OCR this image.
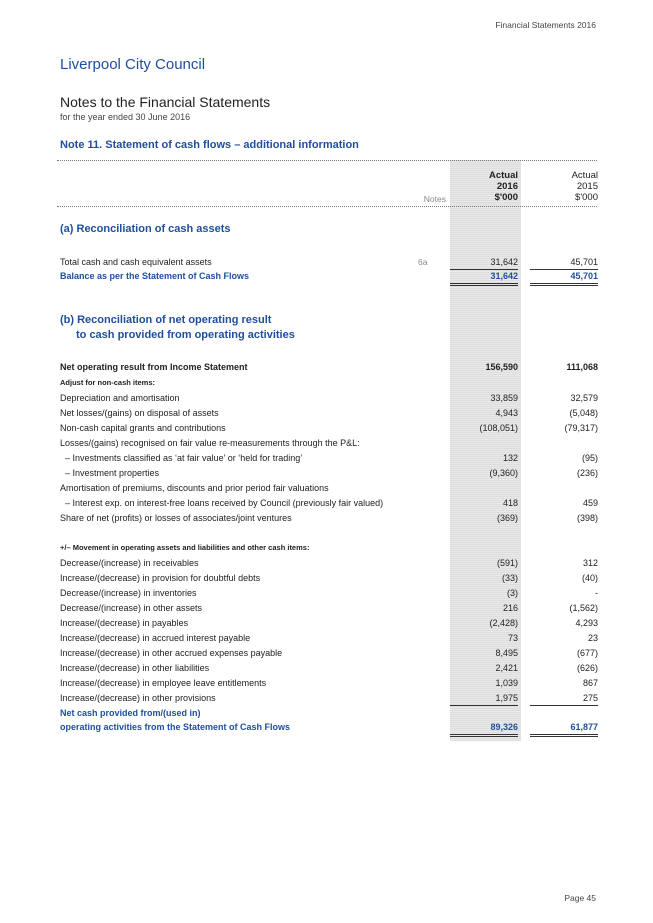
Financial Statements 2016
Liverpool City Council
Notes to the Financial Statements
for the year ended 30 June 2016
Note 11. Statement of cash flows – additional information
Actual
2016
$'000
Actual
2015
$'000
Notes
(a) Reconciliation of cash assets
Total cash and cash equivalent assets	6a	31,642	45,701
Balance as per the Statement of Cash Flows	31,642	45,701
(b) Reconciliation of net operating result
to cash provided from operating activities
Net operating result from Income Statement	156,590	111,068
Adjust for non-cash items:
Depreciation and amortisation	33,859	32,579
Net losses/(gains) on disposal of assets	4,943	(5,048)
Non-cash capital grants and contributions	(108,051)	(79,317)
Losses/(gains) recognised on fair value re-measurements through the P&L:
– Investments classified as ‘at fair value’ or ‘held for trading’	132	(95)
– Investment properties	(9,360)	(236)
Amortisation of premiums, discounts and prior period fair valuations
– Interest exp. on interest-free loans received by Council (previously fair valued)	418	459
Share of net (profits) or losses of associates/joint ventures	(369)	(398)
+/– Movement in operating assets and liabilities and other cash items:
Decrease/(increase) in receivables	(591)	312
Increase/(decrease) in provision for doubtful debts	(33)	(40)
Decrease/(increase) in inventories	(3)	-
Decrease/(increase) in other assets	216	(1,562)
Increase/(decrease) in payables	(2,428)	4,293
Increase/(decrease) in accrued interest payable	73	23
Increase/(decrease) in other accrued expenses payable	8,495	(677)
Increase/(decrease) in other liabilities	2,421	(626)
Increase/(decrease) in employee leave entitlements	1,039	867
Increase/(decrease) in other provisions	1,975	275
Net cash provided from/(used in)
operating activities from the Statement of Cash Flows	89,326	61,877
Page 45
